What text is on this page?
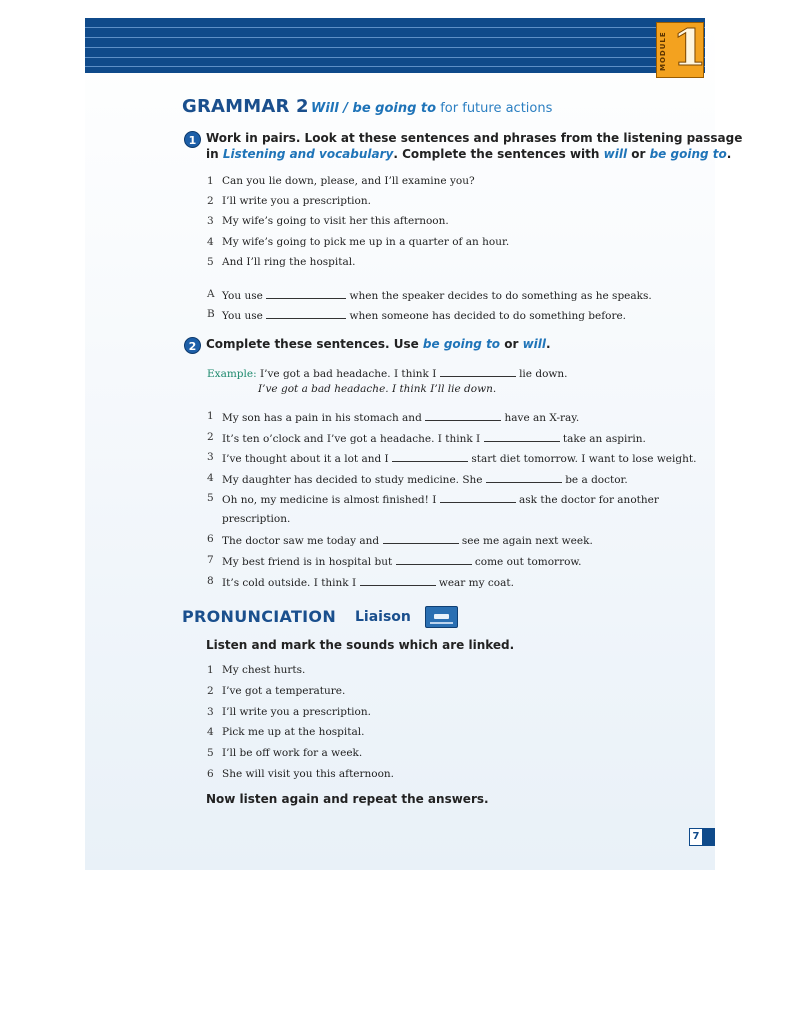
MODULE 1
GRAMMAR 2 Will / be going to for future actions
1 Work in pairs. Look at these sentences and phrases from the listening passage
in Listening and vocabulary. Complete the sentences with will or be going to.
1 Can you lie down, please, and I’ll examine you?
2 I’ll write you a prescription.
3 My wife’s going to visit her this afternoon.
4 My wife’s going to pick me up in a quarter of an hour.
5 And I’ll ring the hospital.
A You use	when the speaker decides to do something as he speaks.
B You use	when someone has decided to do something before.
2 Complete these sentences. Use be going to or will.
Example: I’ve got a bad headache. I think I	lie down.
I’ve got a bad headache. I think I’ll lie down.
1 My son has a pain in his stomach and	have an X-ray.
2 It’s ten o’clock and I’ve got a headache. I think I	take an aspirin.
3 I’ve thought about it a lot and I	start diet tomorrow. I want to lose weight.
4 My daughter has decided to study medicine. She	be a doctor.
5 Oh no, my medicine is almost finished! I	ask the doctor for another
prescription.
6 The doctor saw me today and	see me again next week.
7 My best friend is in hospital but	come out tomorrow.
8 It’s cold outside. I think I	wear my coat.
PRONUNCIATION Liaison
Listen and mark the sounds which are linked.
1 My chest hurts.
2 I’ve got a temperature.
3 I’ll write you a prescription.
4 Pick me up at the hospital.
5 I’ll be off work for a week.
6 She will visit you this afternoon.
Now listen again and repeat the answers.
7
